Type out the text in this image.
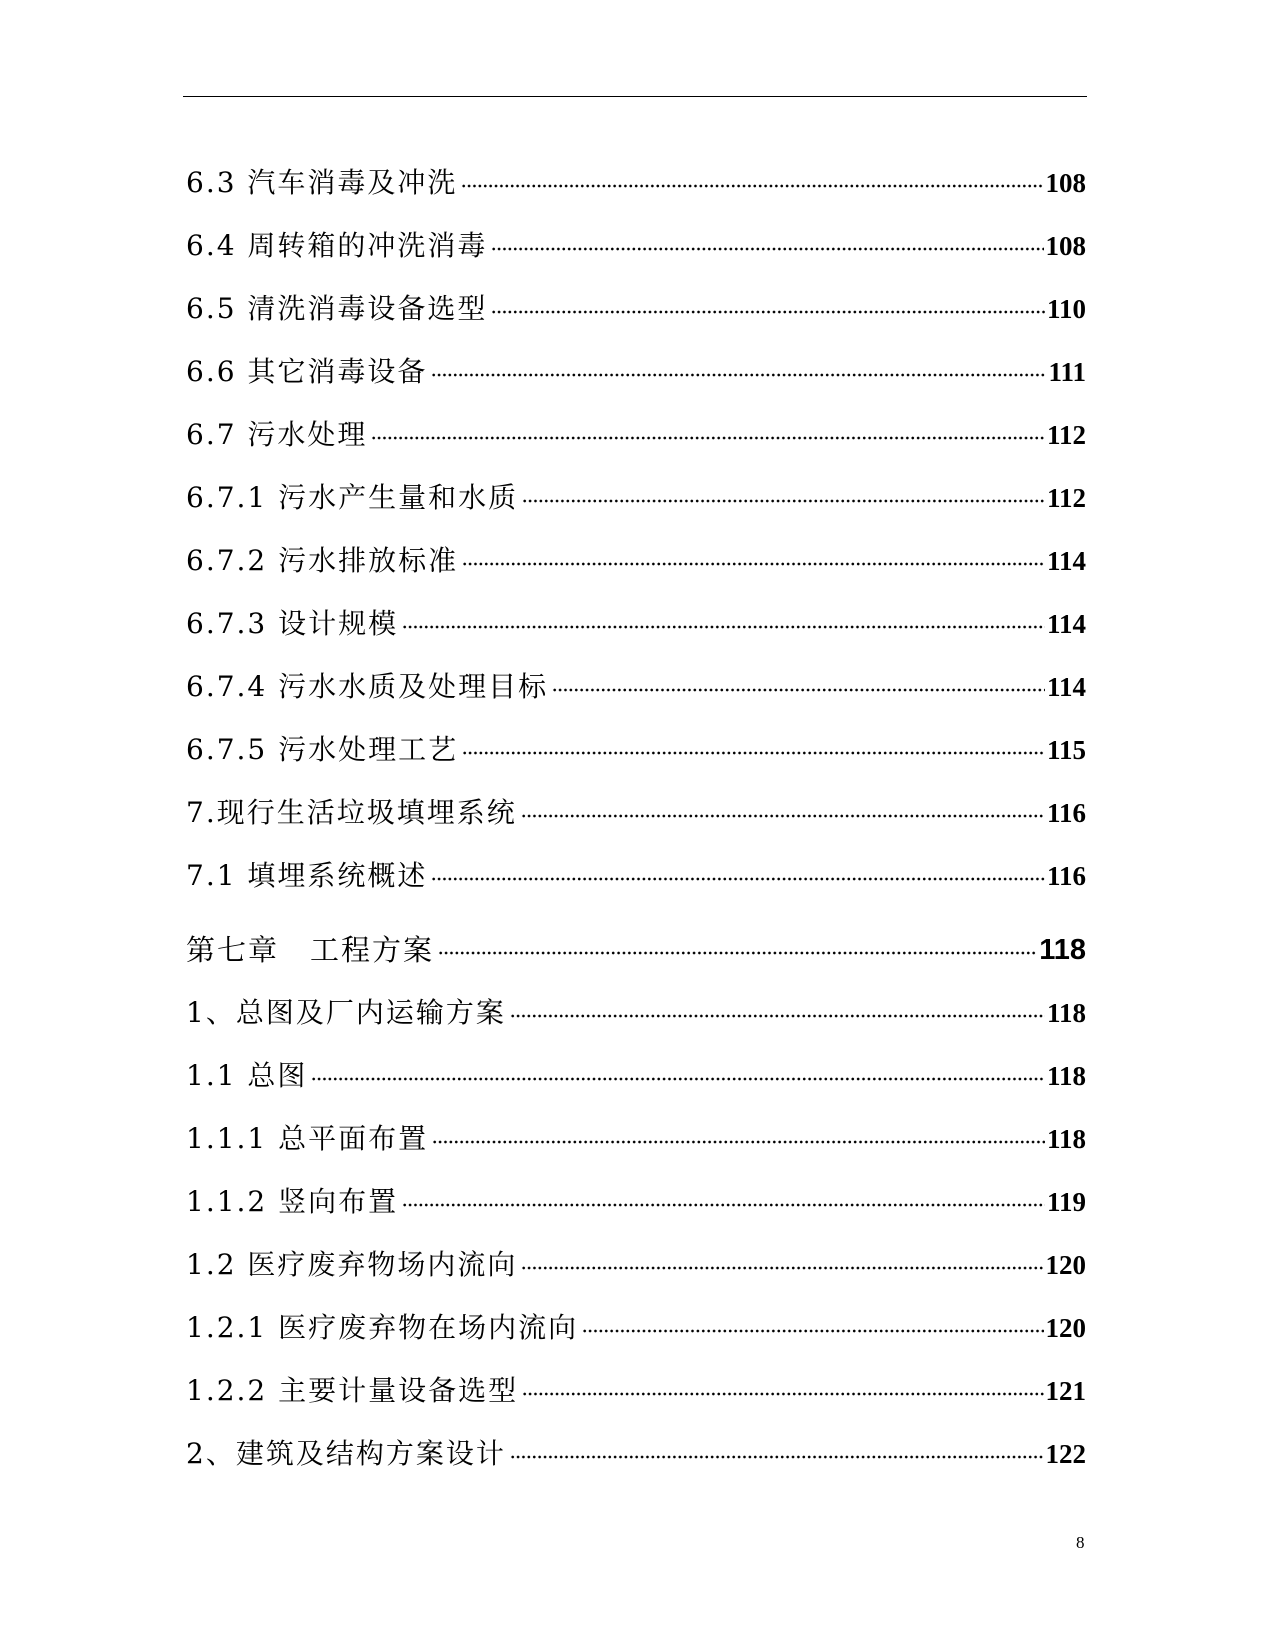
6.3 汽车消毒及冲洗	108
6.4 周转箱的冲洗消毒	108
6.5 清洗消毒设备选型	110
6.6 其它消毒设备	111
6.7 污水处理	112
6.7.1 污水产生量和水质	112
6.7.2 污水排放标准	114
6.7.3 设计规模	114
6.7.4 污水水质及处理目标	114
6.7.5 污水处理工艺	115
7.现行生活垃圾填埋系统	116
7.1 填埋系统概述	116
第七章　工程方案	118
1、总图及厂内运输方案	118
1.1 总图	118
1.1.1 总平面布置	118
1.1.2 竖向布置	119
1.2 医疗废弃物场内流向	120
1.2.1 医疗废弃物在场内流向	120
1.2.2 主要计量设备选型	121
2、建筑及结构方案设计	122
8
